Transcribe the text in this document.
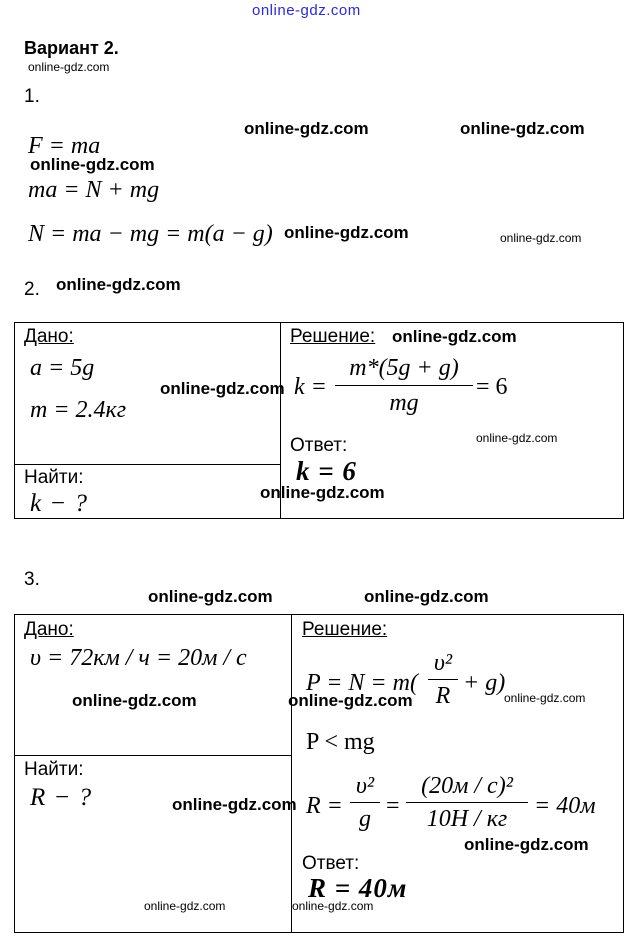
online-gdz.com
Вариант 2.
online-gdz.com
1.
F = ma
online-gdz.com
ma = N + mg
N = ma − mg = m(a − g)
online-gdz.com	online-gdz.com
online-gdz.com	online-gdz.com
2. online-gdz.com
Дано:
a = 5g
m = 2.4кг
Найти:
k − ?
Решение: online-gdz.com
k =
m*(5g + g)
mg
= 6
online-gdz.com
Ответ:	online-gdz.com
k = 6
online-gdz.com
3.
online-gdz.com	online-gdz.com
Дано:
υ = 72км / ч = 20м / с
online-gdz.com
Найти:
R − ?	online-gdz.com
online-gdz.com
Решение:
P = N = m(
υ²
R + g)
online-gdz.com	online-gdz.com
P < mg
R =
υ²
g =
(20м / с)²
10Н / кг = 40м
online-gdz.com
Ответ:
R = 40м
online-gdz.com
